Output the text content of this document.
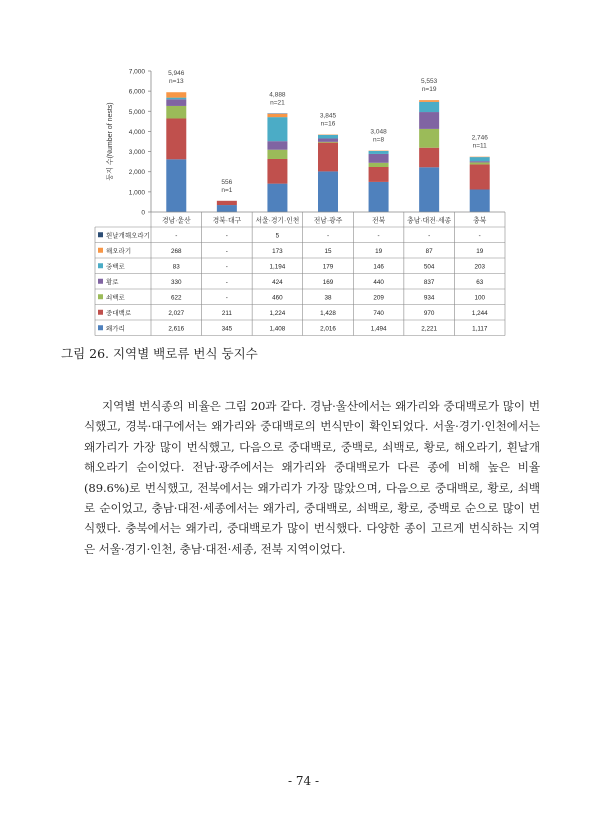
0
1,000
2,000
3,000
4,000
5,000
6,000
7,000
둥지 수(Number of nests)
5,946
n=13
556
n=1
4,888
n=21
3,845
n=16
3,048
n=8
5,553
n=19
2,746
n=11
경남·울산	경북·대구 서울·경기·인천 전남·광주	전북	충남·대전·세종	충북
흰날개해오라기	-	-	5	-	-	-	-
해오라기	268	-	173	15	19	87	19
중백로	83	-	1,194	179	146	504	203
황로	330	-	424	169	440	837	63
쇠백로	622	-	460	38	209	934	100
중대백로	2,027	211	1,224	1,428	740	970	1,244
왜가리	2,616	345	1,408	2,016	1,494	2,221	1,117
그림 26. 지역별 백로류 번식 둥지수

지역별 번식종의 비율은 그림 20과 같다. 경남·울산에서는 왜가리와 중대백로가 많이 번식했고, 경북·대구에서는 왜가리와 중대백로의 번식만이 확인되었다. 서울·경기·인천에서는 왜가리가 가장 많이 번식했고, 다음으로 중대백로, 중백로, 쇠백로, 황로, 해오라기, 흰날개해오라기 순이었다. 전남·광주에서는 왜가리와 중대백로가 다른 종에 비해 높은 비율(89.6%)로 번식했고, 전북에서는 왜가리가 가장 많았으며, 다음으로 중대백로, 황로, 쇠백로 순이었고, 충남·대전·세종에서는 왜가리, 중대백로, 쇠백로, 황로, 중백로 순으로 많이 번식했다. 충북에서는 왜가리, 중대백로가 많이 번식했다. 다양한 종이 고르게 번식하는 지역은 서울·경기·인천, 충남·대전·세종, 전북 지역이었다.

- 74 -
